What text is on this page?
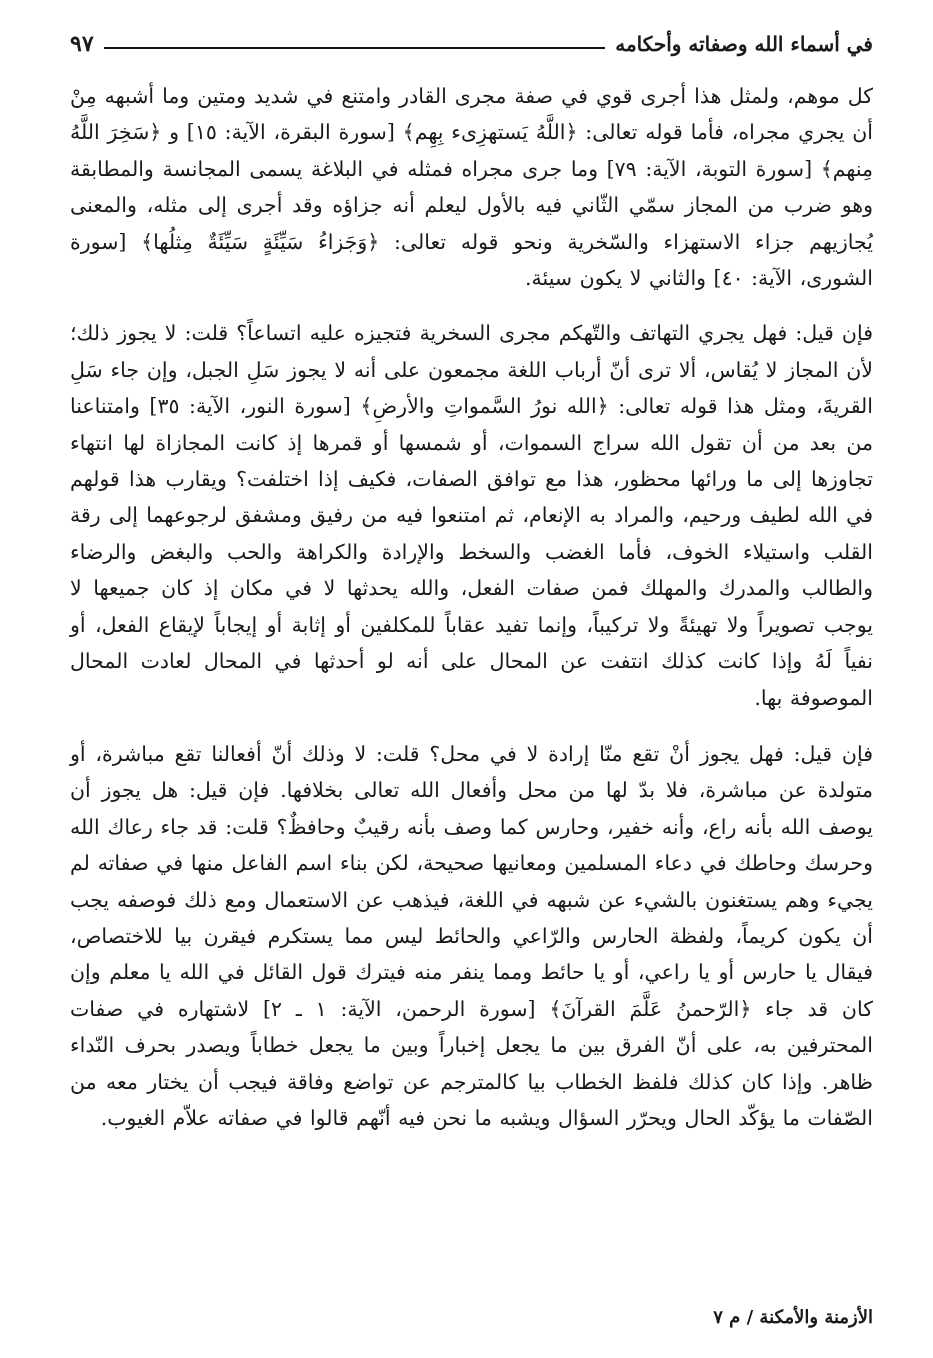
في أسماء الله وصفاته وأحكامه
٩٧

كل موهم، ولمثل هذا أجرى قوي في صفة مجرى القادر وامتنع في شديد ومتين وما أشبهه مِنْ أن يجري مجراه، فأما قوله تعالى: ﴿اللَّهُ يَستهزِىء بِهِم﴾ [سورة البقرة، الآية: ١٥] و ﴿سَخِرَ اللَّهُ مِنهم﴾ [سورة التوبة، الآية: ٧٩] وما جرى مجراه فمثله في البلاغة يسمى المجانسة والمطابقة وهو ضرب من المجاز سمّي الثّاني فيه بالأول ليعلم أنه جزاؤه وقد أجرى إلى مثله، والمعنى يُجازيهم جزاء الاستهزاء والسّخرية ونحو قوله تعالى: ﴿وَجَزاءُ سَيِّئَةٍ سَيِّئَةٌ مِثلُها﴾ [سورة الشورى، الآية: ٤٠] والثاني لا يكون سيئة.

فإن قيل: فهل يجري التهاتف والتّهكم مجرى السخرية فتجيزه عليه اتساعاً؟ قلت: لا يجوز ذلك؛ لأن المجاز لا يُقاس، ألا ترى أنّ أرباب اللغة مجمعون على أنه لا يجوز سَلِ الجبل، وإن جاء سَلِ القريةَ، ومثل هذا قوله تعالى: ﴿الله نورُ السَّمواتِ والأرضِ﴾ [سورة النور، الآية: ٣٥] وامتناعنا من بعد من أن تقول الله سراج السموات، أو شمسها أو قمرها إذ كانت المجازاة لها انتهاء تجاوزها إلى ما ورائها محظور، هذا مع توافق الصفات، فكيف إذا اختلفت؟ ويقارب هذا قولهم في الله لطيف ورحيم، والمراد به الإنعام، ثم امتنعوا فيه من رفيق ومشفق لرجوعهما إلى رقة القلب واستيلاء الخوف، فأما الغضب والسخط والإرادة والكراهة والحب والبغض والرضاء والطالب والمدرك والمهلك فمن صفات الفعل، والله يحدثها لا في مكان إذ كان جميعها لا يوجب تصويراً ولا تهيئةً ولا تركيباً، وإنما تفيد عقاباً للمكلفين أو إثابة أو إيجاباً لإيقاع الفعل، أو نفياً لَهُ وإذا كانت كذلك انتفت عن المحال على أنه لو أحدثها في المحال لعادت المحال الموصوفة بها.

فإن قيل: فهل يجوز أنْ تقع منّا إرادة لا في محل؟ قلت: لا وذلك أنّ أفعالنا تقع مباشرة، أو متولدة عن مباشرة، فلا بدّ لها من محل وأفعال الله تعالى بخلافها. فإن قيل: هل يجوز أن يوصف الله بأنه راع، وأنه خفير، وحارس كما وصف بأنه رقيبٌ وحافظٌ؟ قلت: قد جاء رعاك الله وحرسك وحاطك في دعاء المسلمين ومعانيها صحيحة، لكن بناء اسم الفاعل منها في صفاته لم يجيء وهم يستغنون بالشيء عن شبهه في اللغة، فيذهب عن الاستعمال ومع ذلك فوصفه يجب أن يكون كريماً، ولفظة الحارس والرّاعي والحائط ليس مما يستكرم فيقرن بيا للاختصاص، فيقال يا حارس أو يا راعي، أو يا حائط ومما ينفر منه فيترك قول القائل في الله يا معلم وإن كان قد جاء ﴿الرّحمنُ عَلَّمَ القرآنَ﴾ [سورة الرحمن، الآية: ١ ـ ٢] لاشتهاره في صفات المحترفين به، على أنّ الفرق بين ما يجعل إخباراً وبين ما يجعل خطاباً ويصدر بحرف النّداء ظاهر. وإذا كان كذلك فلفظ الخطاب بيا كالمترجم عن تواضع وفاقة فيجب أن يختار معه من الصّفات ما يؤكّد الحال ويحرّر السؤال ويشبه ما نحن فيه أنّهم قالوا في صفاته علاّم الغيوب.

الأزمنة والأمكنة / م ٧
